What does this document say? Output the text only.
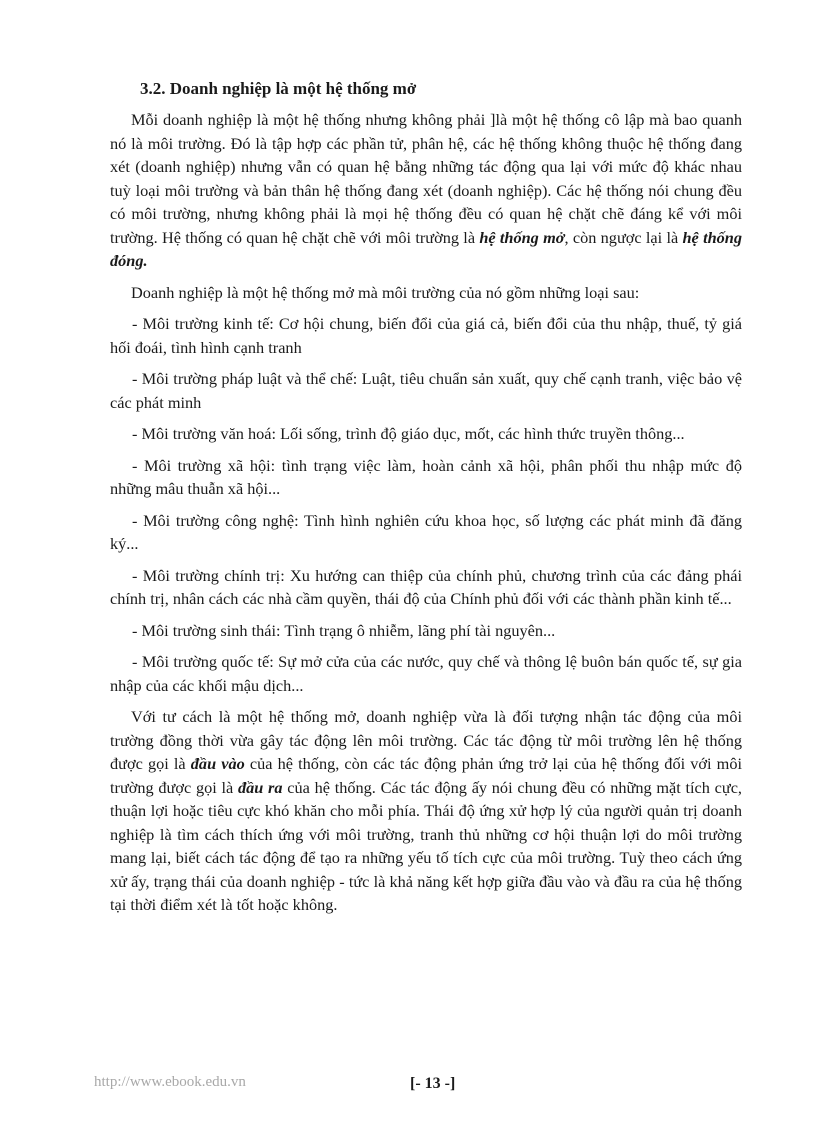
3.2. Doanh nghiệp là một hệ thống mở

Mỗi doanh nghiệp là một hệ thống nhưng không phải ]là một hệ thống cô lập mà bao quanh nó là môi trường. Đó là tập hợp các phần tử, phân hệ, các hệ thống không thuộc hệ thống đang xét (doanh nghiệp) nhưng vẫn có quan hệ bằng những tác động qua lại với mức độ khác nhau tuỳ loại môi trường và bản thân hệ thống đang xét (doanh nghiệp). Các hệ thống nói chung đều có môi trường, nhưng không phải là mọi hệ thống đều có quan hệ chặt chẽ đáng kể với môi trường. Hệ thống có quan hệ chặt chẽ với môi trường là hệ thống mở, còn ngược lại là hệ thống đóng.

Doanh nghiệp là một hệ thống mở mà môi trường của nó gồm những loại sau:

- Môi trường kinh tế: Cơ hội chung, biến đổi của giá cả, biến đổi của thu nhập, thuế, tỷ giá hối đoái, tình hình cạnh tranh

- Môi trường pháp luật và thể chế: Luật, tiêu chuẩn sản xuất, quy chế cạnh tranh, việc bảo vệ các phát minh

- Môi trường văn hoá: Lối sống, trình độ giáo dục, mốt, các hình thức truyền thông...

- Môi trường xã hội: tình trạng việc làm, hoàn cảnh xã hội, phân phối thu nhập mức độ những mâu thuẫn xã hội...

- Môi trường công nghệ: Tình hình nghiên cứu khoa học, số lượng các phát minh đã đăng ký...

- Môi trường chính trị: Xu hướng can thiệp của chính phủ, chương trình của các đảng phái chính trị, nhân cách các nhà cầm quyền, thái độ của Chính phủ đối với các thành phần kinh tế...

- Môi trường sinh thái: Tình trạng ô nhiễm, lãng phí tài nguyên...

- Môi trường quốc tế: Sự mở cửa của các nước, quy chế và thông lệ buôn bán quốc tế, sự gia nhập của các khối mậu dịch...

Với tư cách là một hệ thống mở, doanh nghiệp vừa là đối tượng nhận tác động của môi trường đồng thời vừa gây tác động lên môi trường. Các tác động từ môi trường lên hệ thống được gọi là đầu vào của hệ thống, còn các tác động phản ứng trở lại của hệ thống đối với môi trường được gọi là đầu ra của hệ thống. Các tác động ấy nói chung đều có những mặt tích cực, thuận lợi hoặc tiêu cực khó khăn cho mỗi phía. Thái độ ứng xử hợp lý của người quản trị doanh nghiệp là tìm cách thích ứng với môi trường, tranh thủ những cơ hội thuận lợi do môi trường mang lại, biết cách tác động để tạo ra những yếu tố tích cực của môi trường. Tuỳ theo cách ứng xử ấy, trạng thái của doanh nghiệp - tức là khả năng kết hợp giữa đầu vào và đầu ra của hệ thống tại thời điểm xét là tốt hoặc không.

http://www.ebook.edu.vn	[- 13 -]
